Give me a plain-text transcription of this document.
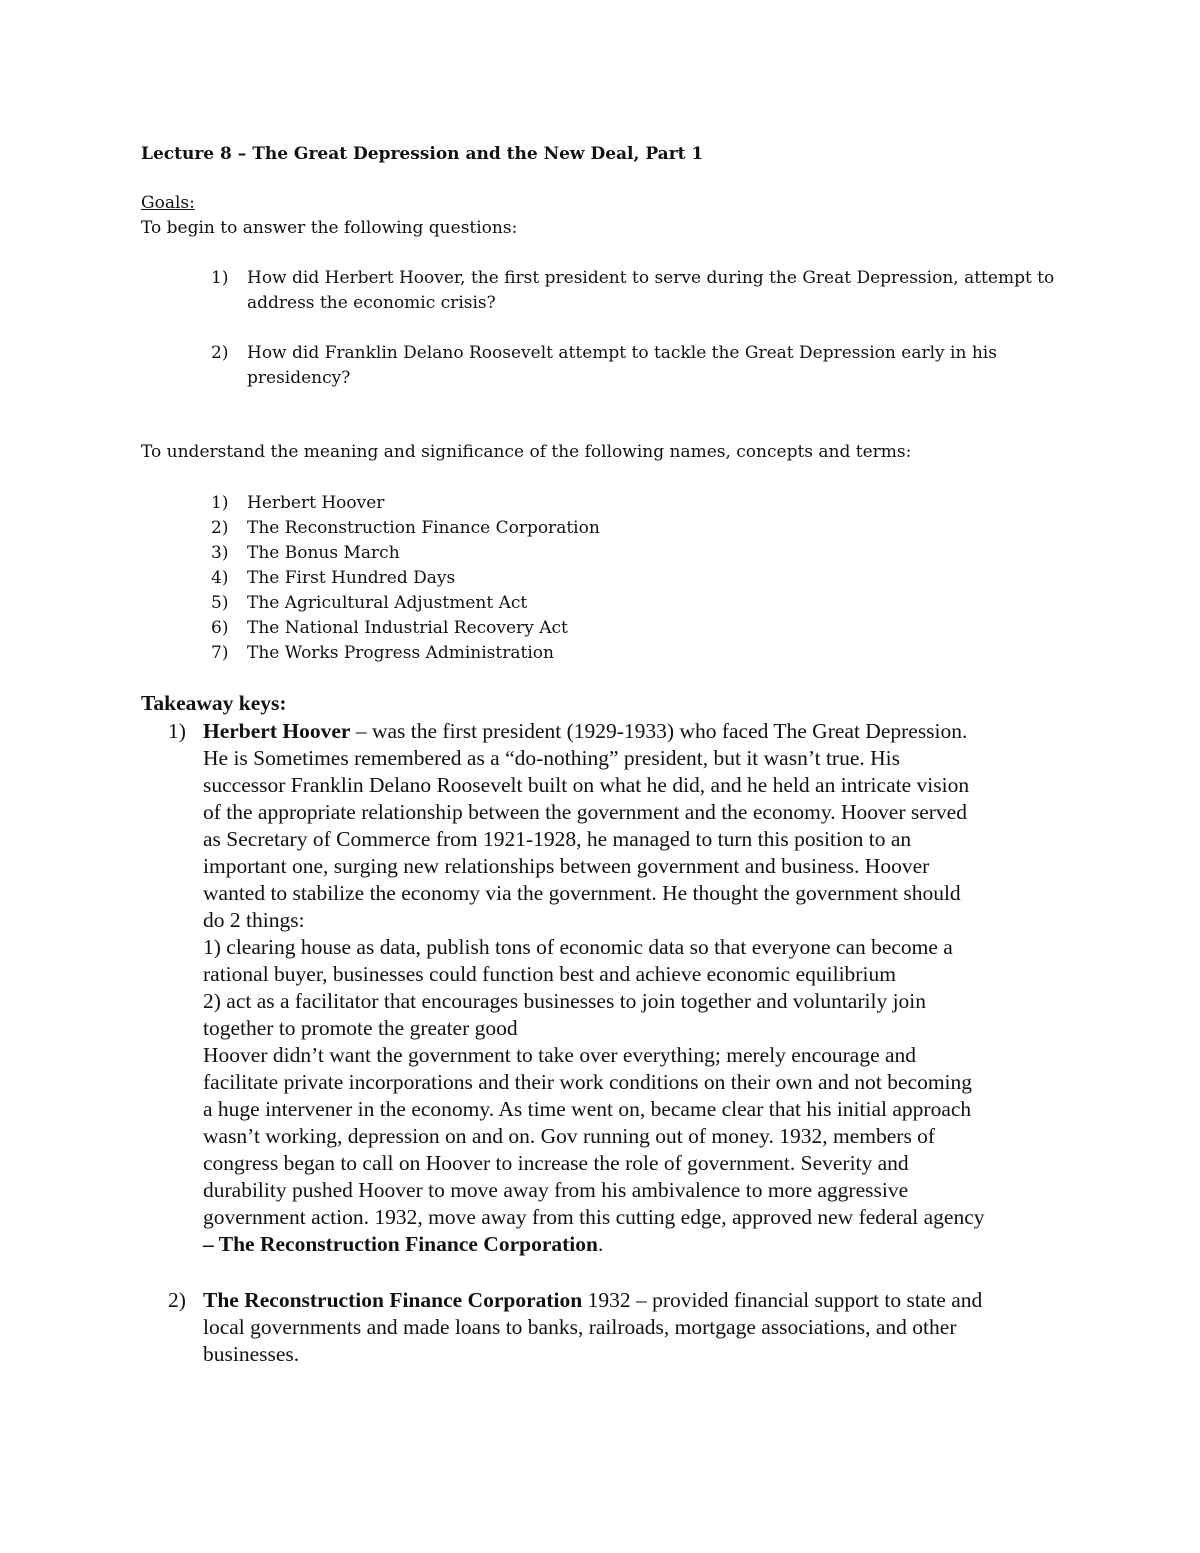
Lecture 8 – The Great Depression and the New Deal, Part 1
Goals:
To begin to answer the following questions:
1) How did Herbert Hoover, the first president to serve during the Great Depression, attempt to
address the economic crisis?
2) How did Franklin Delano Roosevelt attempt to tackle the Great Depression early in his
presidency?
To understand the meaning and significance of the following names, concepts and terms:
1) Herbert Hoover
2) The Reconstruction Finance Corporation
3) The Bonus March
4) The First Hundred Days
5) The Agricultural Adjustment Act
6) The National Industrial Recovery Act
7) The Works Progress Administration
Takeaway keys:
1) Herbert Hoover – was the first president (1929-1933) who faced The Great Depression.
He is Sometimes remembered as a “do-nothing” president, but it wasn’t true. His
successor Franklin Delano Roosevelt built on what he did, and he held an intricate vision
of the appropriate relationship between the government and the economy. Hoover served
as Secretary of Commerce from 1921-1928, he managed to turn this position to an
important one, surging new relationships between government and business. Hoover
wanted to stabilize the economy via the government. He thought the government should
do 2 things:
1) clearing house as data, publish tons of economic data so that everyone can become a
rational buyer, businesses could function best and achieve economic equilibrium
2) act as a facilitator that encourages businesses to join together and voluntarily join
together to promote the greater good
Hoover didn’t want the government to take over everything; merely encourage and
facilitate private incorporations and their work conditions on their own and not becoming
a huge intervener in the economy. As time went on, became clear that his initial approach
wasn’t working, depression on and on. Gov running out of money. 1932, members of
congress began to call on Hoover to increase the role of government. Severity and
durability pushed Hoover to move away from his ambivalence to more aggressive
government action. 1932, move away from this cutting edge, approved new federal agency
– The Reconstruction Finance Corporation.
2) The Reconstruction Finance Corporation 1932 – provided financial support to state and
local governments and made loans to banks, railroads, mortgage associations, and other
businesses.
